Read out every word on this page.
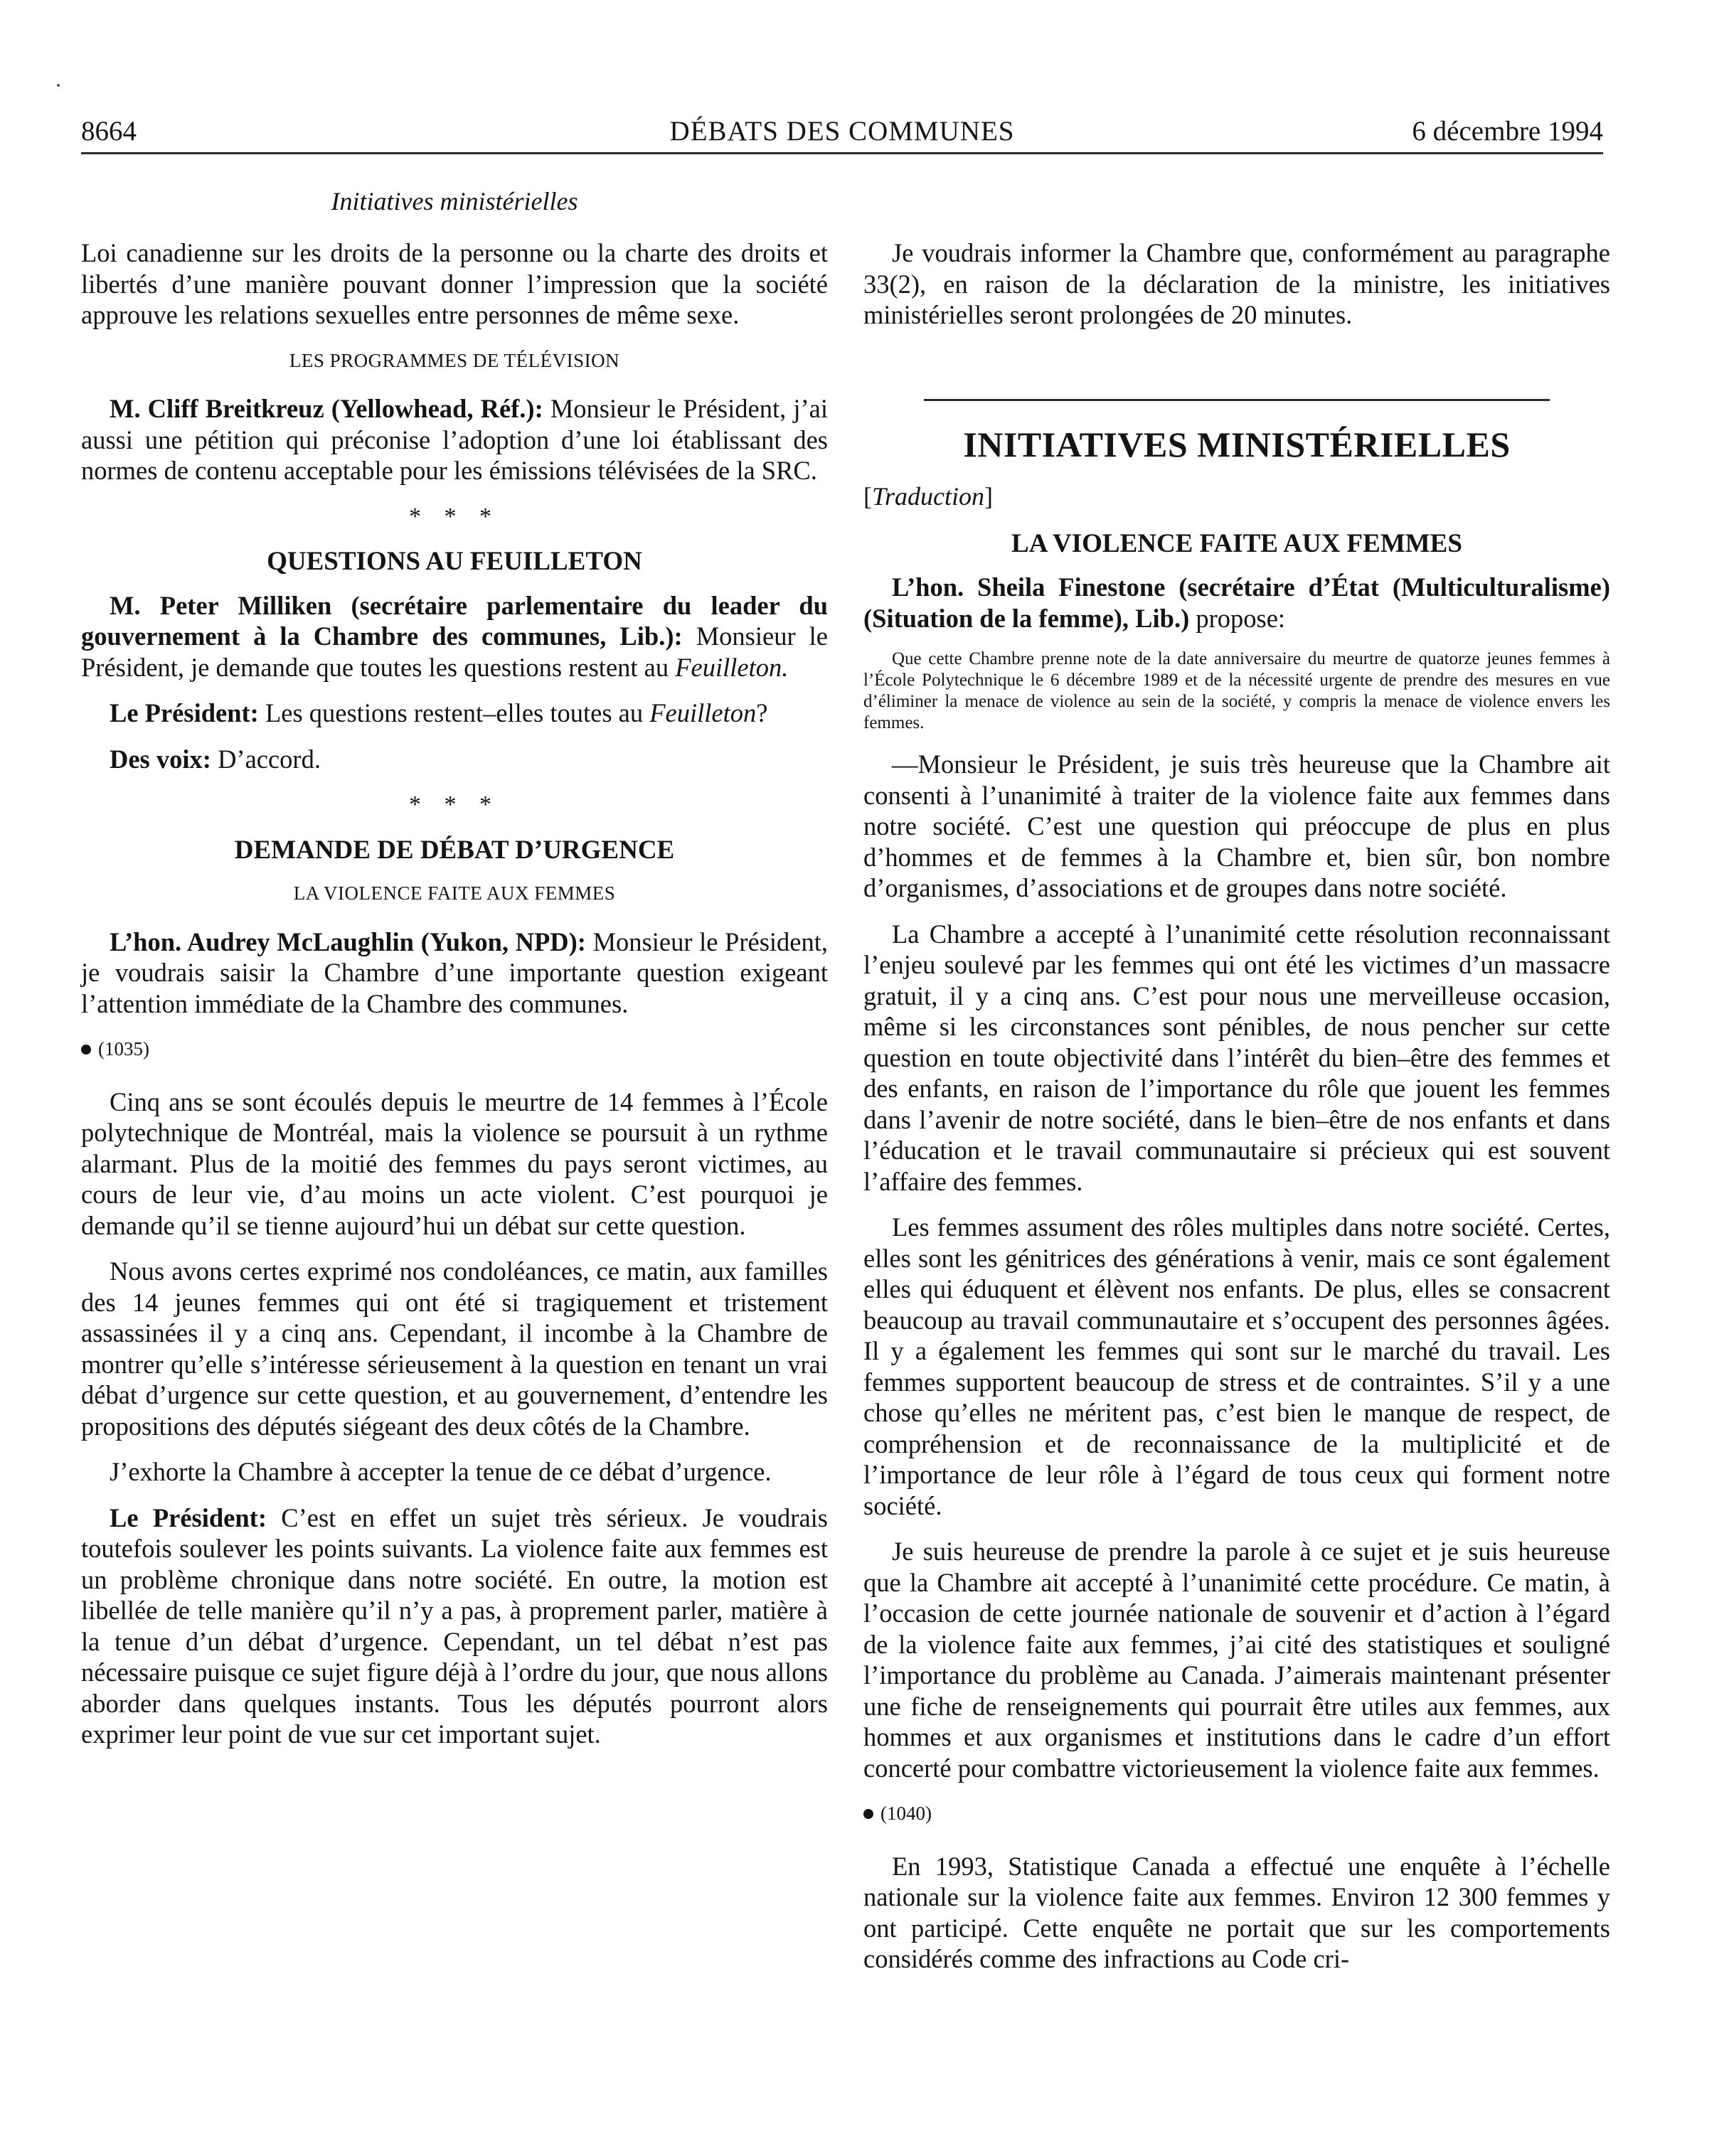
8664	DÉBATS DES COMMUNES	6 décembre 1994
Initiatives ministérielles

Loi canadienne sur les droits de la personne ou la charte des droits et libertés d’une manière pouvant donner l’impression que la société approuve les relations sexuelles entre personnes de même sexe.

LES PROGRAMMES DE TÉLÉVISION

M. Cliff Breitkreuz (Yellowhead, Réf.): Monsieur le Président, j’ai aussi une pétition qui préconise l’adoption d’une loi établissant des normes de contenu acceptable pour les émissions télévisées de la SRC.

* * *
QUESTIONS AU FEUILLETON

M. Peter Milliken (secrétaire parlementaire du leader du gouvernement à la Chambre des communes, Lib.): Monsieur le Président, je demande que toutes les questions restent au Feuilleton.

Le Président: Les questions restent–elles toutes au Feuilleton?

Des voix: D’accord.

* * *
DEMANDE DE DÉBAT D’URGENCE
LA VIOLENCE FAITE AUX FEMMES

L’hon. Audrey McLaughlin (Yukon, NPD): Monsieur le Président, je voudrais saisir la Chambre d’une importante question exigeant l’attention immédiate de la Chambre des communes.

(1035)

Cinq ans se sont écoulés depuis le meurtre de 14 femmes à l’École polytechnique de Montréal, mais la violence se poursuit à un rythme alarmant. Plus de la moitié des femmes du pays seront victimes, au cours de leur vie, d’au moins un acte violent. C’est pourquoi je demande qu’il se tienne aujourd’hui un débat sur cette question.

Nous avons certes exprimé nos condoléances, ce matin, aux familles des 14 jeunes femmes qui ont été si tragiquement et tristement assassinées il y a cinq ans. Cependant, il incombe à la Chambre de montrer qu’elle s’intéresse sérieusement à la question en tenant un vrai débat d’urgence sur cette question, et au gouvernement, d’entendre les propositions des députés siégeant des deux côtés de la Chambre.

J’exhorte la Chambre à accepter la tenue de ce débat d’urgence.

Le Président: C’est en effet un sujet très sérieux. Je voudrais toutefois soulever les points suivants. La violence faite aux femmes est un problème chronique dans notre société. En outre, la motion est libellée de telle manière qu’il n’y a pas, à proprement parler, matière à la tenue d’un débat d’urgence. Cependant, un tel débat n’est pas nécessaire puisque ce sujet figure déjà à l’ordre du jour, que nous allons aborder dans quelques instants. Tous les députés pourront alors exprimer leur point de vue sur cet important sujet.

Je voudrais informer la Chambre que, conformément au paragraphe 33(2), en raison de la déclaration de la ministre, les initiatives ministérielles seront prolongées de 20 minutes.

INITIATIVES MINISTÉRIELLES
[Traduction]
LA VIOLENCE FAITE AUX FEMMES

L’hon. Sheila Finestone (secrétaire d’État (Multiculturalisme) (Situation de la femme), Lib.) propose:

Que cette Chambre prenne note de la date anniversaire du meurtre de quatorze jeunes femmes à l’École Polytechnique le 6 décembre 1989 et de la nécessité urgente de prendre des mesures en vue d’éliminer la menace de violence au sein de la société, y compris la menace de violence envers les femmes.

—Monsieur le Président, je suis très heureuse que la Chambre ait consenti à l’unanimité à traiter de la violence faite aux femmes dans notre société. C’est une question qui préoccupe de plus en plus d’hommes et de femmes à la Chambre et, bien sûr, bon nombre d’organismes, d’associations et de groupes dans notre société.

La Chambre a accepté à l’unanimité cette résolution reconnaissant l’enjeu soulevé par les femmes qui ont été les victimes d’un massacre gratuit, il y a cinq ans. C’est pour nous une merveilleuse occasion, même si les circonstances sont pénibles, de nous pencher sur cette question en toute objectivité dans l’intérêt du bien–être des femmes et des enfants, en raison de l’importance du rôle que jouent les femmes dans l’avenir de notre société, dans le bien–être de nos enfants et dans l’éducation et le travail communautaire si précieux qui est souvent l’affaire des femmes.

Les femmes assument des rôles multiples dans notre société. Certes, elles sont les génitrices des générations à venir, mais ce sont également elles qui éduquent et élèvent nos enfants. De plus, elles se consacrent beaucoup au travail communautaire et s’occupent des personnes âgées. Il y a également les femmes qui sont sur le marché du travail. Les femmes supportent beaucoup de stress et de contraintes. S’il y a une chose qu’elles ne méritent pas, c’est bien le manque de respect, de compréhension et de reconnaissance de la multiplicité et de l’importance de leur rôle à l’égard de tous ceux qui forment notre société.

Je suis heureuse de prendre la parole à ce sujet et je suis heureuse que la Chambre ait accepté à l’unanimité cette procédure. Ce matin, à l’occasion de cette journée nationale de souvenir et d’action à l’égard de la violence faite aux femmes, j’ai cité des statistiques et souligné l’importance du problème au Canada. J’aimerais maintenant présenter une fiche de renseignements qui pourrait être utiles aux femmes, aux hommes et aux organismes et institutions dans le cadre d’un effort concerté pour combattre victorieusement la violence faite aux femmes.

(1040)

En 1993, Statistique Canada a effectué une enquête à l’échelle nationale sur la violence faite aux femmes. Environ 12 300 femmes y ont participé. Cette enquête ne portait que sur les comportements considérés comme des infractions au Code cri-
